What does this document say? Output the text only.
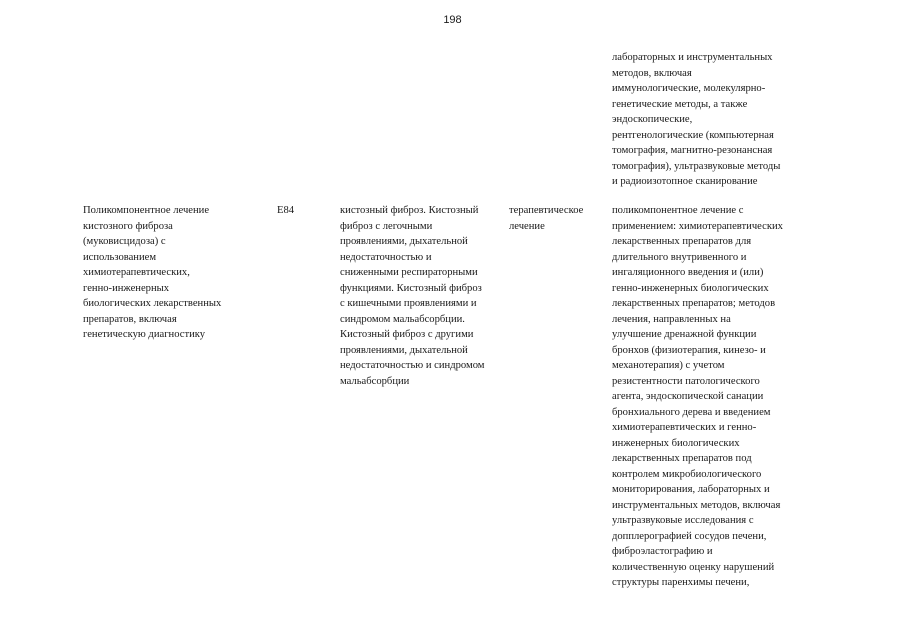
198
лабораторных и инструментальных
методов, включая
иммунологические, молекулярно-
генетические методы, а также
эндоскопические,
рентгенологические (компьютерная
томография, магнитно-резонансная
томография), ультразвуковые методы
и радиоизотопное сканирование
Поликомпонентное лечение
кистозного фиброза
(муковисцидоза) с
использованием
химиотерапевтических,
генно-инженерных
биологических лекарственных
препаратов, включая
генетическую диагностику
E84	кистозный фиброз. Кистозный
фиброз с легочными
проявлениями, дыхательной
недостаточностью и
сниженными респираторными
функциями. Кистозный фиброз
с кишечными проявлениями и
синдромом мальабсорбции.
Кистозный фиброз с другими
проявлениями, дыхательной
недостаточностью и синдромом
мальабсорбции
терапевтическое
лечение
поликомпонентное лечение с
применением: химиотерапевтических
лекарственных препаратов для
длительного внутривенного и
ингаляционного введения и (или)
генно-инженерных биологических
лекарственных препаратов; методов
лечения, направленных на
улучшение дренажной функции
бронхов (физиотерапия, кинезо- и
механотерапия) с учетом
резистентности патологического
агента, эндоскопической санации
бронхиального дерева и введением
химиотерапевтических и генно-
инженерных биологических
лекарственных препаратов под
контролем микробиологического
мониторирования, лабораторных и
инструментальных методов, включая
ультразвуковые исследования с
допплерографией сосудов печени,
фиброэластографию и
количественную оценку нарушений
структуры паренхимы печени,
